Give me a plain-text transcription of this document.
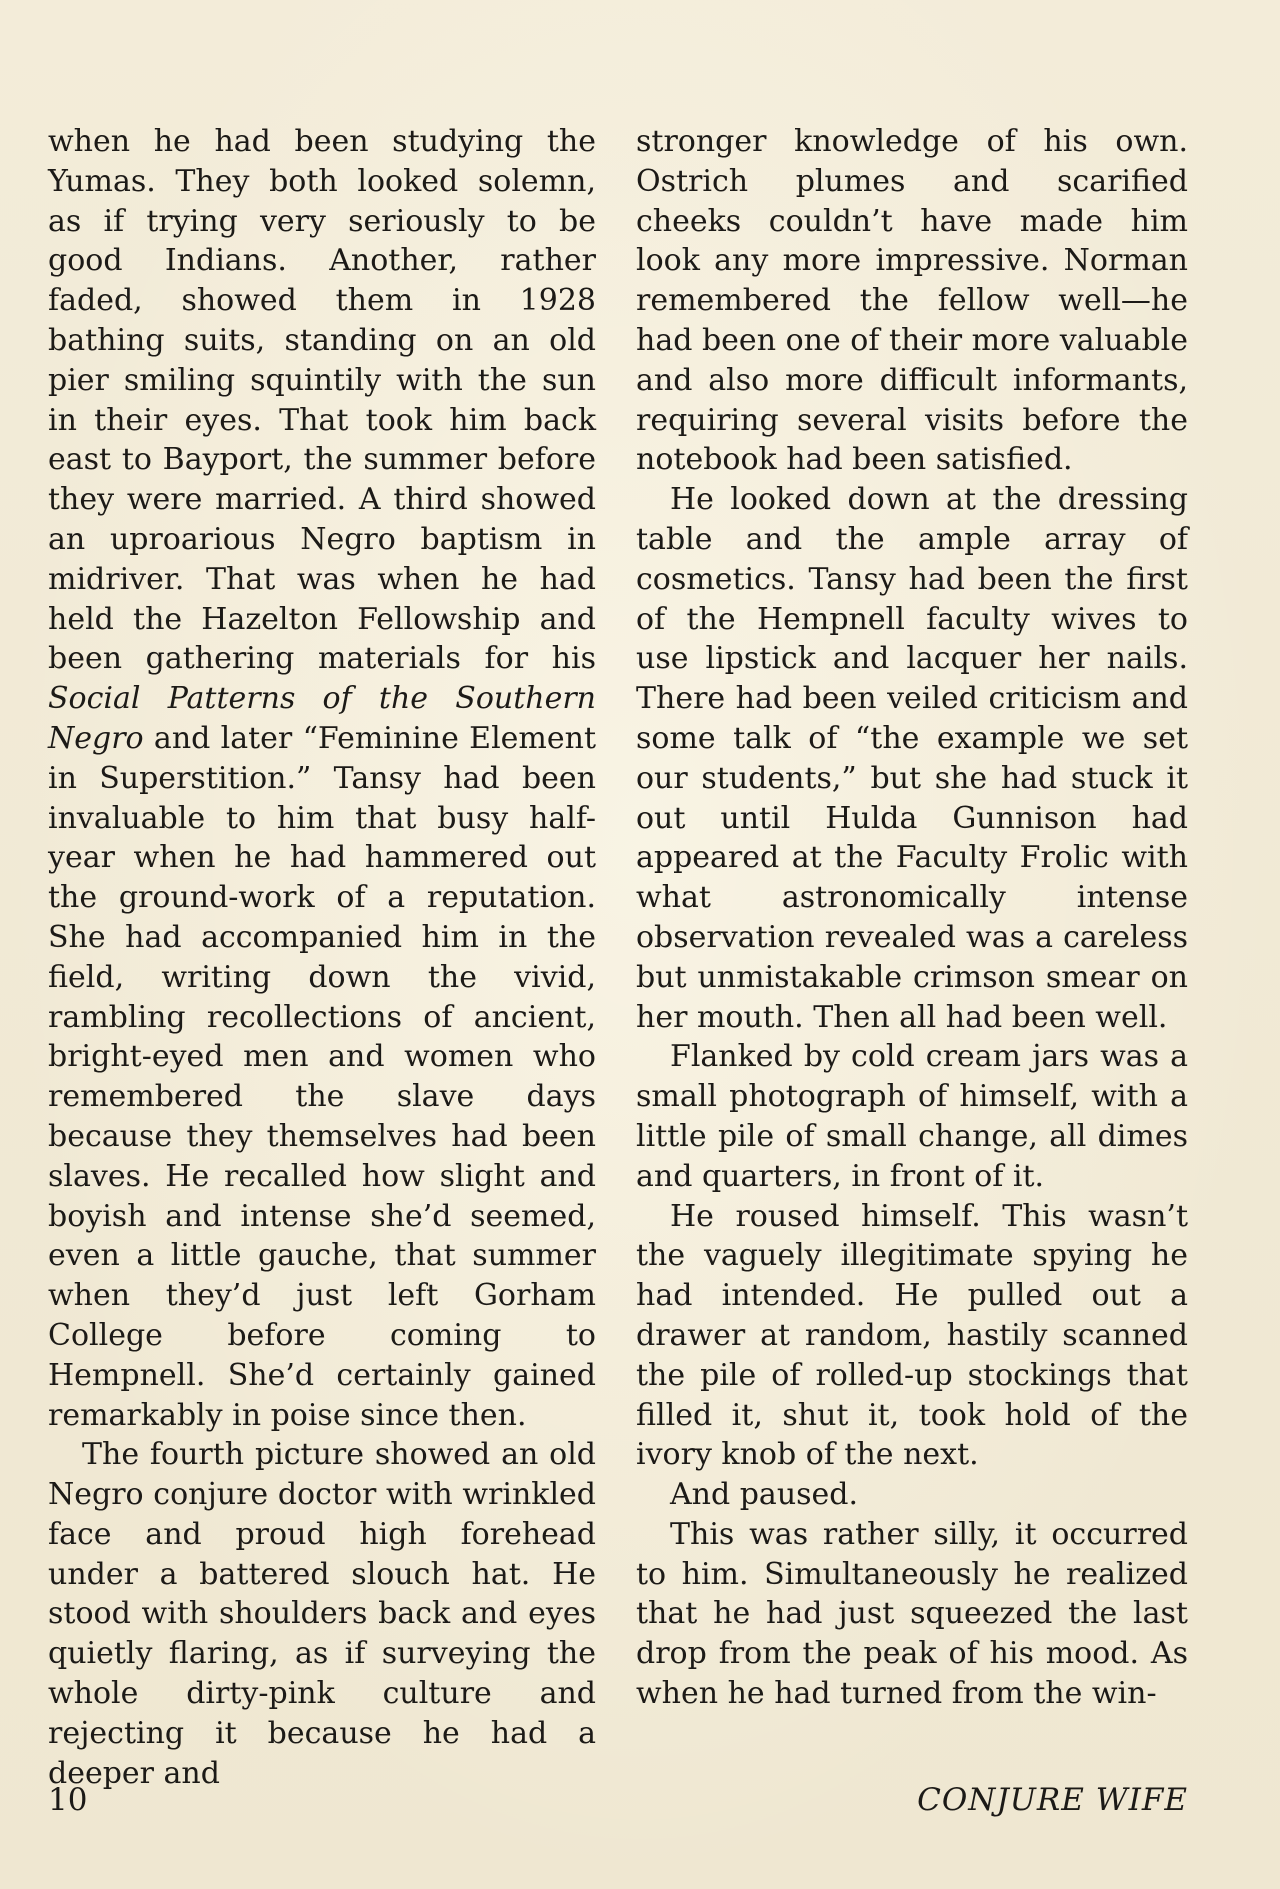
when he had been studying the Yumas. They both looked solemn, as if trying very seriously to be good Indians. Another, rather faded, showed them in 1928 bathing suits, standing on an old pier smiling squintily with the sun in their eyes. That took him back east to Bayport, the summer before they were married. A third showed an uproarious Negro baptism in midriver. That was when he had held the Hazelton Fellowship and been gathering materials for his Social Patterns of the Southern Negro and later “Feminine Element in Superstition.” Tansy had been invaluable to him that busy half-year when he had hammered out the ground-work of a reputation. She had accompanied him in the field, writing down the vivid, rambling recollections of ancient, bright-eyed men and women who remembered the slave days because they themselves had been slaves. He recalled how slight and boyish and intense she’d seemed, even a little gauche, that summer when they’d just left Gorham College before coming to Hempnell. She’d certainly gained remarkably in poise since then.

The fourth picture showed an old Negro conjure doctor with wrinkled face and proud high forehead under a battered slouch hat. He stood with shoulders back and eyes quietly flaring, as if surveying the whole dirty-pink culture and rejecting it because he had a deeper and

stronger knowledge of his own. Ostrich plumes and scarified cheeks couldn’t have made him look any more impressive. Norman remembered the fellow well—he had been one of their more valuable and also more difficult informants, requiring several visits before the notebook had been satisfied.

He looked down at the dressing table and the ample array of cosmetics. Tansy had been the first of the Hempnell faculty wives to use lipstick and lacquer her nails. There had been veiled criticism and some talk of “the example we set our students,” but she had stuck it out until Hulda Gunnison had appeared at the Faculty Frolic with what astronomically intense observation revealed was a careless but unmistakable crimson smear on her mouth. Then all had been well.

Flanked by cold cream jars was a small photograph of himself, with a little pile of small change, all dimes and quarters, in front of it.

He roused himself. This wasn’t the vaguely illegitimate spying he had intended. He pulled out a drawer at random, hastily scanned the pile of rolled-up stockings that filled it, shut it, took hold of the ivory knob of the next.

And paused.

This was rather silly, it occurred to him. Simultaneously he realized that he had just squeezed the last drop from the peak of his mood. As when he had turned from the win-

10	CONJURE WIFE
